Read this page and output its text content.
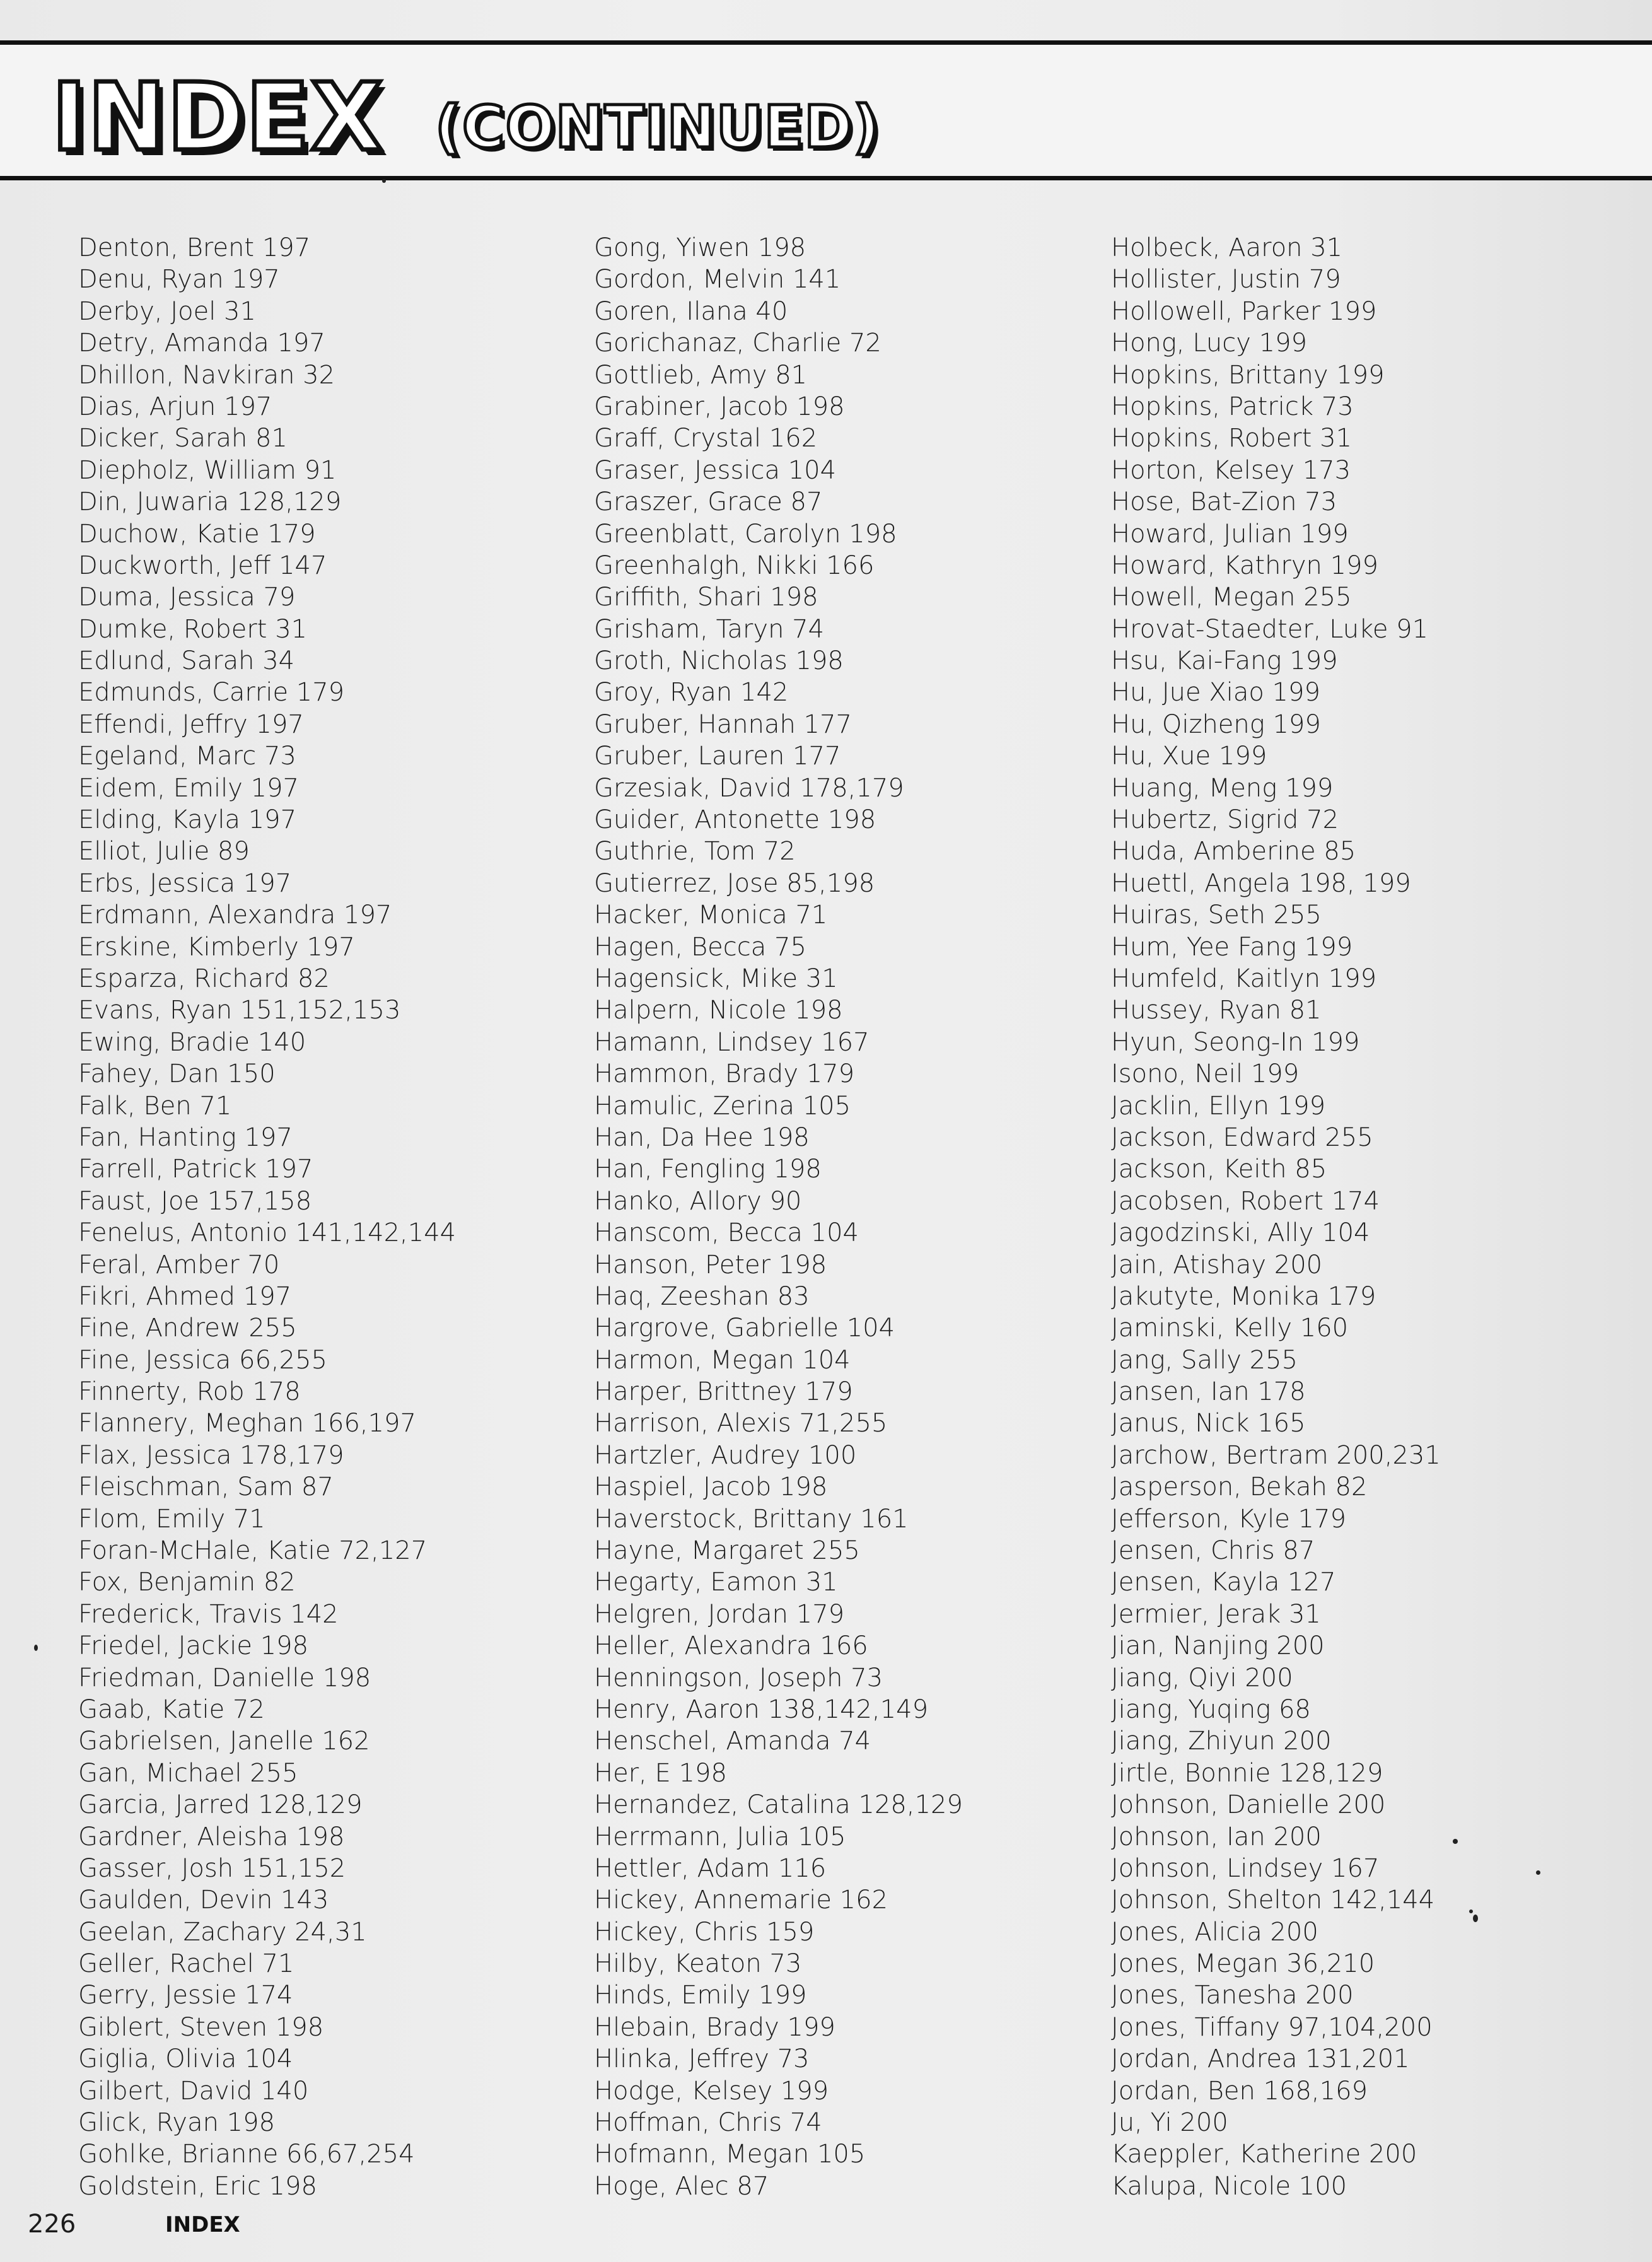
INDEX (CONTINUED)
Denton, Brent 197
Denu, Ryan 197
Derby, Joel 31
Detry, Amanda 197
Dhillon, Navkiran 32
Dias, Arjun 197
Dicker, Sarah 81
Diepholz, William 91
Din, Juwaria 128,129
Duchow, Katie 179
Duckworth, Jeff 147
Duma, Jessica 79
Dumke, Robert 31
Edlund, Sarah 34
Edmunds, Carrie 179
Effendi, Jeffry 197
Egeland, Marc 73
Eidem, Emily 197
Elding, Kayla 197
Elliot, Julie 89
Erbs, Jessica 197
Erdmann, Alexandra 197
Erskine, Kimberly 197
Esparza, Richard 82
Evans, Ryan 151,152,153
Ewing, Bradie 140
Fahey, Dan 150
Falk, Ben 71
Fan, Hanting 197
Farrell, Patrick 197
Faust, Joe 157,158
Fenelus, Antonio 141,142,144
Feral, Amber 70
Fikri, Ahmed 197
Fine, Andrew 255
Fine, Jessica 66,255
Finnerty, Rob 178
Flannery, Meghan 166,197
Flax, Jessica 178,179
Fleischman, Sam 87
Flom, Emily 71
Foran-McHale, Katie 72,127
Fox, Benjamin 82
Frederick, Travis 142
Friedel, Jackie 198
Friedman, Danielle 198
Gaab, Katie 72
Gabrielsen, Janelle 162
Gan, Michael 255
Garcia, Jarred 128,129
Gardner, Aleisha 198
Gasser, Josh 151,152
Gaulden, Devin 143
Geelan, Zachary 24,31
Geller, Rachel 71
Gerry, Jessie 174
Giblert, Steven 198
Giglia, Olivia 104
Gilbert, David 140
Glick, Ryan 198
Gohlke, Brianne 66,67,254
Goldstein, Eric 198
Gong, Yiwen 198
Gordon, Melvin 141
Goren, Ilana 40
Gorichanaz, Charlie 72
Gottlieb, Amy 81
Grabiner, Jacob 198
Graff, Crystal 162
Graser, Jessica 104
Graszer, Grace 87
Greenblatt, Carolyn 198
Greenhalgh, Nikki 166
Griffith, Shari 198
Grisham, Taryn 74
Groth, Nicholas 198
Groy, Ryan 142
Gruber, Hannah 177
Gruber, Lauren 177
Grzesiak, David 178,179
Guider, Antonette 198
Guthrie, Tom 72
Gutierrez, Jose 85,198
Hacker, Monica 71
Hagen, Becca 75
Hagensick, Mike 31
Halpern, Nicole 198
Hamann, Lindsey 167
Hammon, Brady 179
Hamulic, Zerina 105
Han, Da Hee 198
Han, Fengling 198
Hanko, Allory 90
Hanscom, Becca 104
Hanson, Peter 198
Haq, Zeeshan 83
Hargrove, Gabrielle 104
Harmon, Megan 104
Harper, Brittney 179
Harrison, Alexis 71,255
Hartzler, Audrey 100
Haspiel, Jacob 198
Haverstock, Brittany 161
Hayne, Margaret 255
Hegarty, Eamon 31
Helgren, Jordan 179
Heller, Alexandra 166
Henningson, Joseph 73
Henry, Aaron 138,142,149
Henschel, Amanda 74
Her, E 198
Hernandez, Catalina 128,129
Herrmann, Julia 105
Hettler, Adam 116
Hickey, Annemarie 162
Hickey, Chris 159
Hilby, Keaton 73
Hinds, Emily 199
Hlebain, Brady 199
Hlinka, Jeffrey 73
Hodge, Kelsey 199
Hoffman, Chris 74
Hofmann, Megan 105
Hoge, Alec 87
Holbeck, Aaron 31
Hollister, Justin 79
Hollowell, Parker 199
Hong, Lucy 199
Hopkins, Brittany 199
Hopkins, Patrick 73
Hopkins, Robert 31
Horton, Kelsey 173
Hose, Bat-Zion 73
Howard, Julian 199
Howard, Kathryn 199
Howell, Megan 255
Hrovat-Staedter, Luke 91
Hsu, Kai-Fang 199
Hu, Jue Xiao 199
Hu, Qizheng 199
Hu, Xue 199
Huang, Meng 199
Hubertz, Sigrid 72
Huda, Amberine 85
Huettl, Angela 198, 199
Huiras, Seth 255
Hum, Yee Fang 199
Humfeld, Kaitlyn 199
Hussey, Ryan 81
Hyun, Seong-In 199
Isono, Neil 199
Jacklin, Ellyn 199
Jackson, Edward 255
Jackson, Keith 85
Jacobsen, Robert 174
Jagodzinski, Ally 104
Jain, Atishay 200
Jakutyte, Monika 179
Jaminski, Kelly 160
Jang, Sally 255
Jansen, Ian 178
Janus, Nick 165
Jarchow, Bertram 200,231
Jasperson, Bekah 82
Jefferson, Kyle 179
Jensen, Chris 87
Jensen, Kayla 127
Jermier, Jerak 31
Jian, Nanjing 200
Jiang, Qiyi 200
Jiang, Yuqing 68
Jiang, Zhiyun 200
Jirtle, Bonnie 128,129
Johnson, Danielle 200
Johnson, Ian 200
Johnson, Lindsey 167
Johnson, Shelton 142,144
Jones, Alicia 200
Jones, Megan 36,210
Jones, Tanesha 200
Jones, Tiffany 97,104,200
Jordan, Andrea 131,201
Jordan, Ben 168,169
Ju, Yi 200
Kaeppler, Katherine 200
Kalupa, Nicole 100
226	INDEX
